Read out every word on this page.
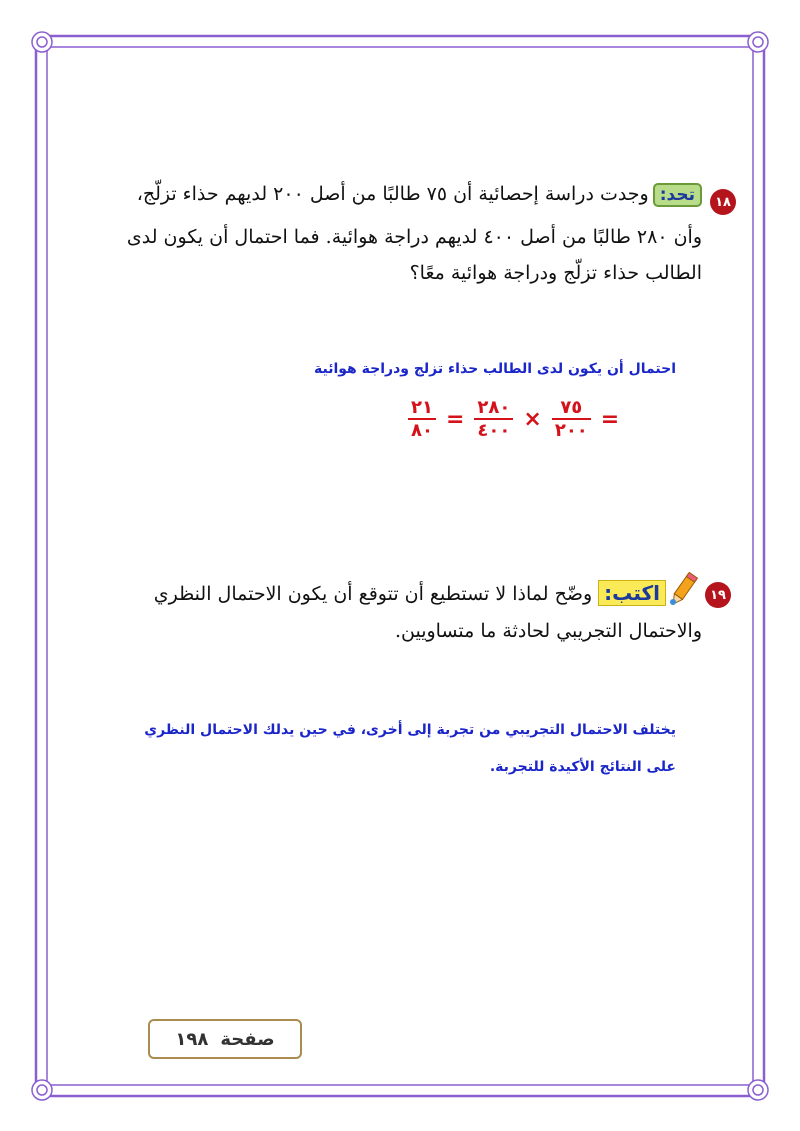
١٨
تحد:وجدت دراسة إحصائية أن ٧٥ طالبًا من أصل ٢٠٠ لديهم حذاء تزلّج،
وأن ٢٨٠ طالبًا من أصل ٤٠٠ لديهم دراجة هوائية. فما احتمال أن يكون لدى
الطالب حذاء تزلّج ودراجة هوائية معًا؟
احتمال أن يكون لدى الطالب حذاء تزلج ودراجة هوائية
$\frac{٢١}{٨٠} = \frac{٢٨٠}{٤٠٠} \times \frac{٧٥}{٢٠٠}$ =
١٩
اكتب:وضّح لماذا لا تستطيع أن تتوقع أن يكون الاحتمال النظري
والاحتمال التجريبي لحادثة ما متساويين.
يختلف الاحتمال التجريبي من تجربة إلى أخرى، في حين يدلك الاحتمال النظري
على النتائج الأكيدة للتجربة.
صفحة
١٩٨
